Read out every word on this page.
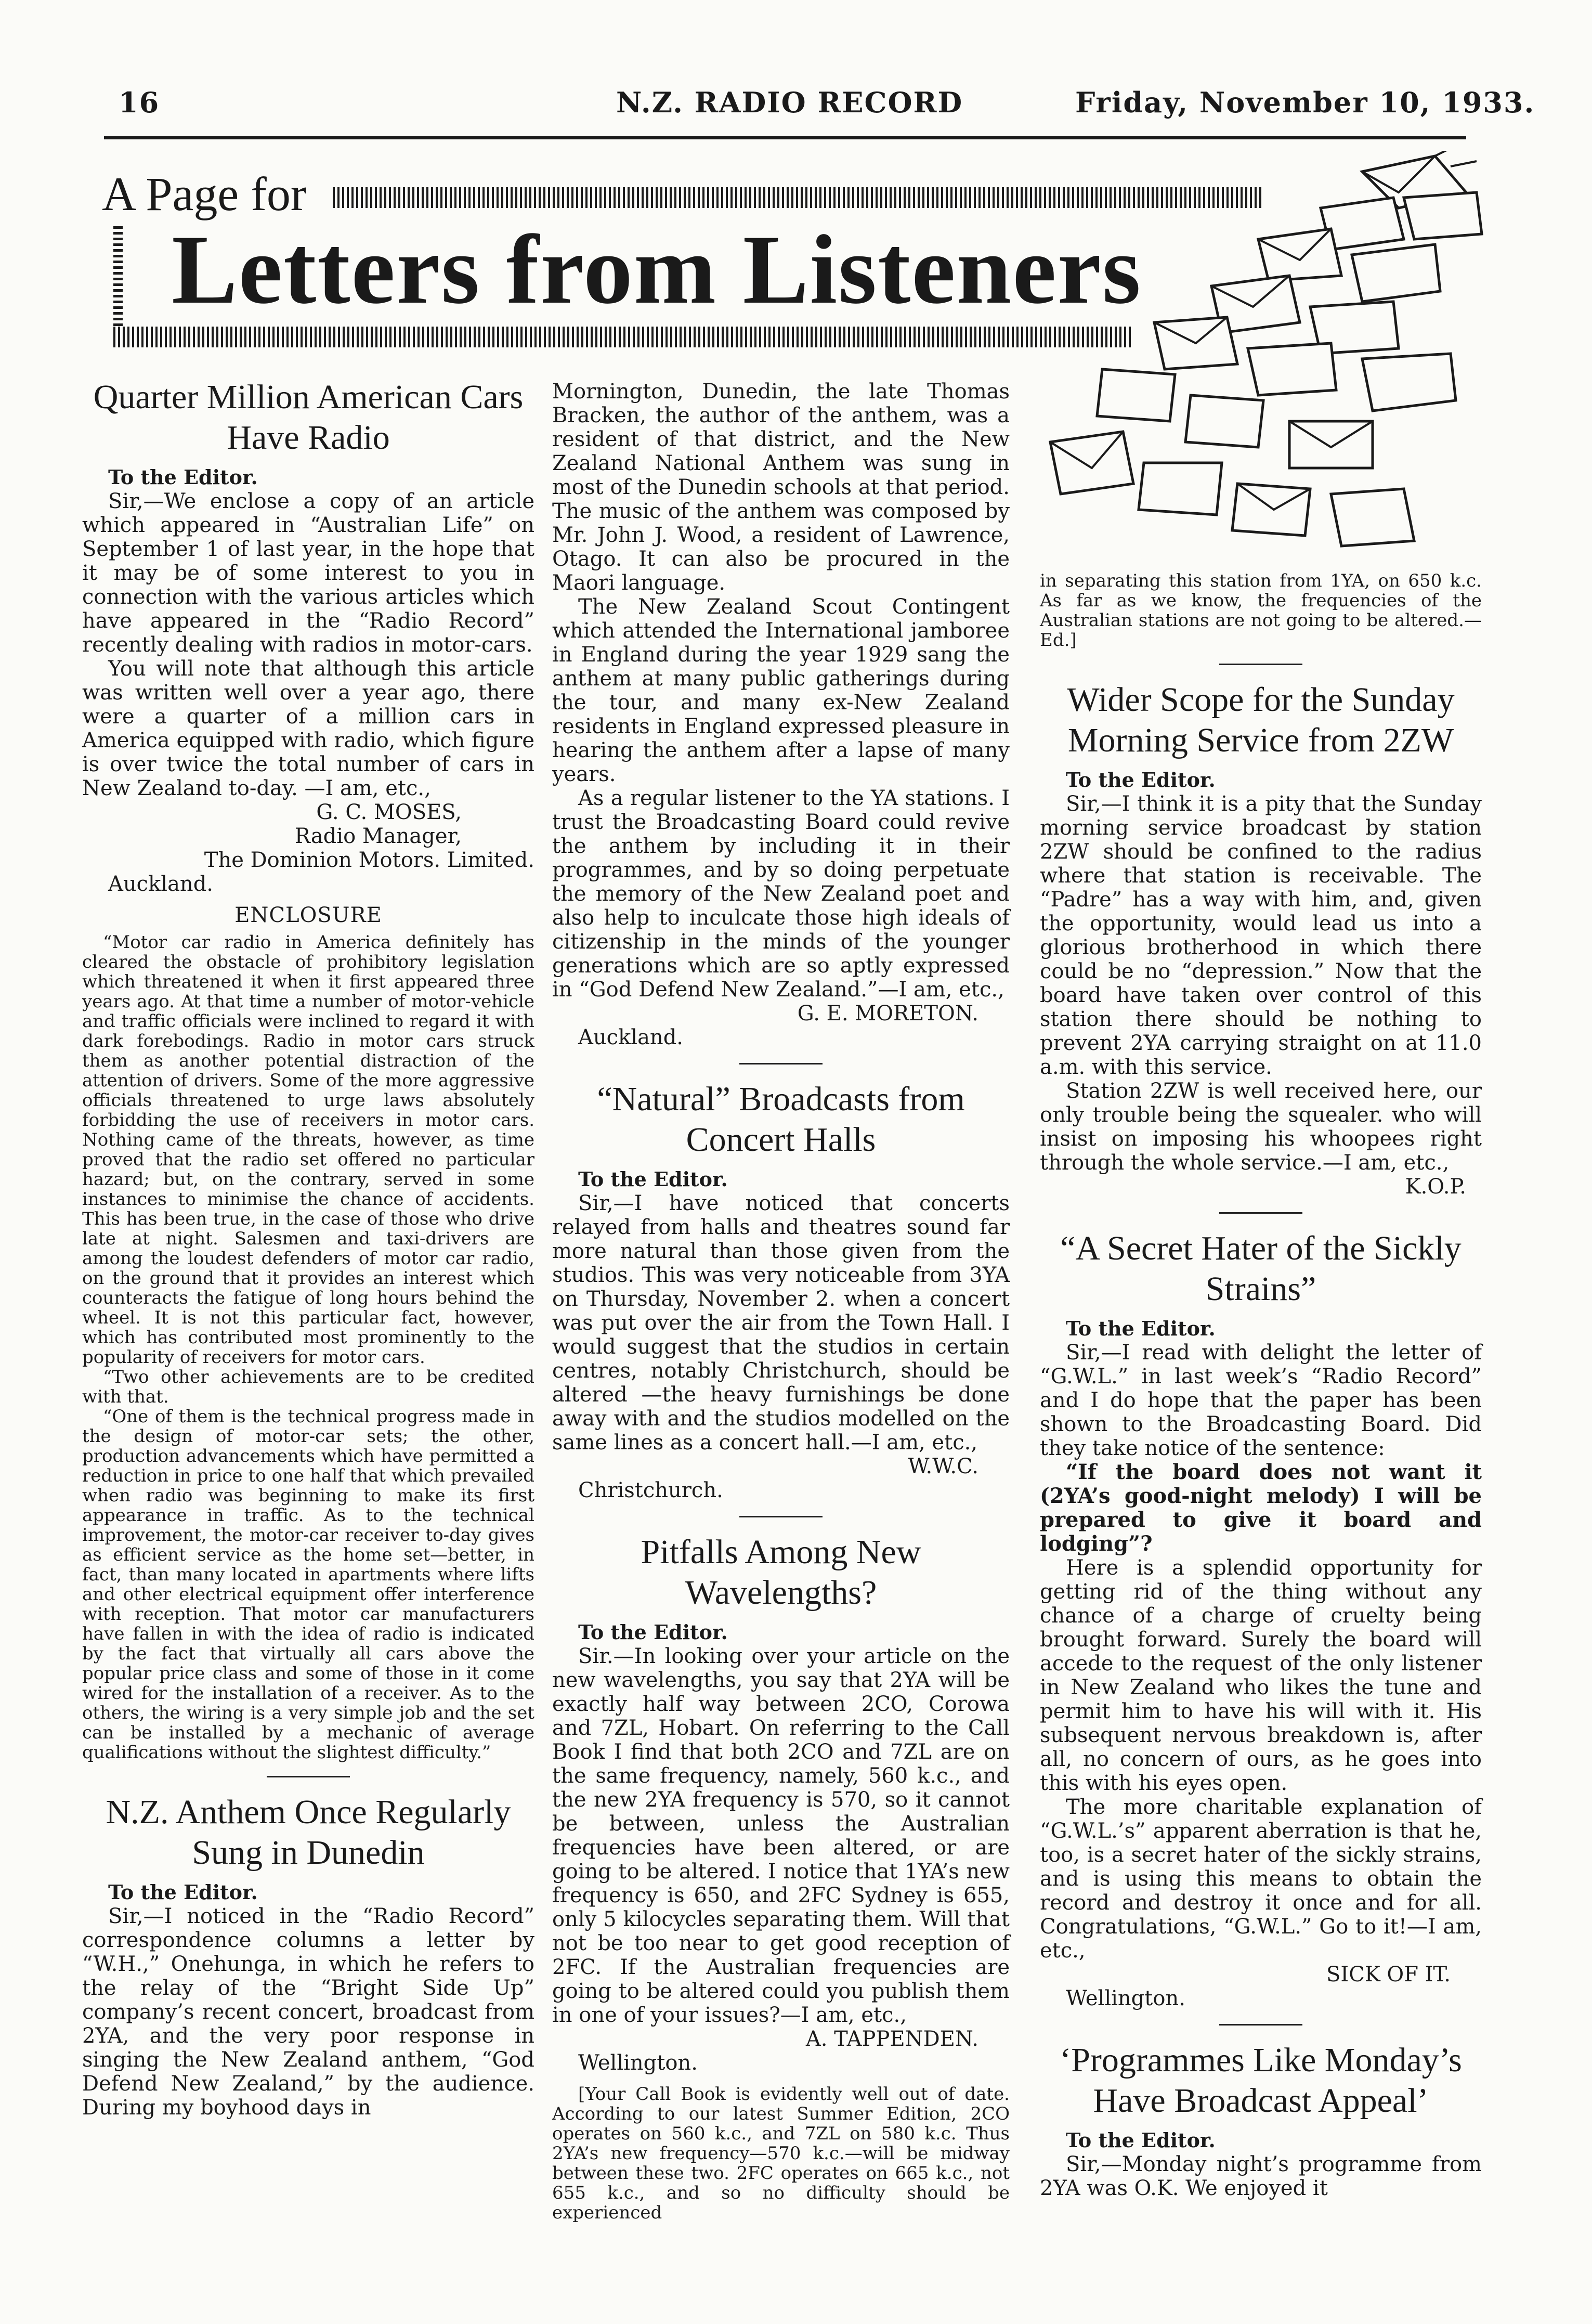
16	N.Z. RADIO RECORD	Friday, November 10, 1933.
A Page for
Letters from Listeners
Quarter Million American Cars Have Radio

To the Editor.

Sir,—We enclose a copy of an article which appeared in “Australian Life” on September 1 of last year, in the hope that it may be of some interest to you in connection with the various articles which have appeared in the “Radio Record” recently dealing with radios in motor-cars.

You will note that although this article was written well over a year ago, there were a quarter of a million cars in America equipped with radio, which figure is over twice the total number of cars in New Zealand to-day. —I am, etc.,

G. C. MOSES,

Radio Manager,

The Dominion Motors. Limited.

Auckland.

ENCLOSURE

“Motor car radio in America definitely has cleared the obstacle of prohibitory legislation which threatened it when it first appeared three years ago. At that time a number of motor-vehicle and traffic officials were inclined to regard it with dark forebodings. Radio in motor cars struck them as another potential distraction of the attention of drivers. Some of the more aggressive officials threatened to urge laws absolutely forbidding the use of receivers in motor cars. Nothing came of the threats, however, as time proved that the radio set offered no particular hazard; but, on the contrary, served in some instances to minimise the chance of accidents. This has been true, in the case of those who drive late at night. Salesmen and taxi-drivers are among the loudest defenders of motor car radio, on the ground that it provides an interest which counteracts the fatigue of long hours behind the wheel. It is not this particular fact, however, which has contributed most prominently to the popularity of receivers for motor cars.

“Two other achievements are to be credited with that.

“One of them is the technical progress made in the design of motor-car sets; the other, production advancements which have permitted a reduction in price to one half that which prevailed when radio was beginning to make its first appearance in traffic. As to the technical improvement, the motor-car receiver to-day gives as efficient service as the home set—better, in fact, than many located in apartments where lifts and other electrical equipment offer interference with reception. That motor car manufacturers have fallen in with the idea of radio is indicated by the fact that virtually all cars above the popular price class and some of those in it come wired for the installation of a receiver. As to the others, the wiring is a very simple job and the set can be installed by a mechanic of average qualifications without the slightest difficulty.”

N.Z. Anthem Once Regularly Sung in Dunedin

To the Editor.

Sir,—I noticed in the “Radio Record” correspondence columns a letter by “W.H.,” Onehunga, in which he refers to the relay of the “Bright Side Up” company’s recent concert, broadcast from 2YA, and the very poor response in singing the New Zealand anthem, “God Defend New Zealand,” by the audience. During my boyhood days in

Mornington, Dunedin, the late Thomas Bracken, the author of the anthem, was a resident of that district, and the New Zealand National Anthem was sung in most of the Dunedin schools at that period. The music of the anthem was composed by Mr. John J. Wood, a resident of Lawrence, Otago. It can also be procured in the Maori language.

The New Zealand Scout Contingent which attended the International jamboree in England during the year 1929 sang the anthem at many public gatherings during the tour, and many ex-New Zealand residents in England expressed pleasure in hearing the anthem after a lapse of many years.

As a regular listener to the YA stations. I trust the Broadcasting Board could revive the anthem by including it in their programmes, and by so doing perpetuate the memory of the New Zealand poet and also help to inculcate those high ideals of citizenship in the minds of the younger generations which are so aptly expressed in “God Defend New Zealand.”—I am, etc.,

G. E. MORETON.

Auckland.

“Natural” Broadcasts from Concert Halls

To the Editor.

Sir,—I have noticed that concerts relayed from halls and theatres sound far more natural than those given from the studios. This was very noticeable from 3YA on Thursday, November 2. when a concert was put over the air from the Town Hall. I would suggest that the studios in certain centres, notably Christchurch, should be altered —the heavy furnishings be done away with and the studios modelled on the same lines as a concert hall.—I am, etc.,

W.W.C.

Christchurch.

Pitfalls Among New Wavelengths?

To the Editor.

Sir.—In looking over your article on the new wavelengths, you say that 2YA will be exactly half way between 2CO, Corowa and 7ZL, Hobart. On referring to the Call Book I find that both 2CO and 7ZL are on the same frequency, namely, 560 k.c., and the new 2YA frequency is 570, so it cannot be between, unless the Australian frequencies have been altered, or are going to be altered. I notice that 1YA’s new frequency is 650, and 2FC Sydney is 655, only 5 kilocycles separating them. Will that not be too near to get good reception of 2FC. If the Australian frequencies are going to be altered could you publish them in one of your issues?—I am, etc.,

A. TAPPENDEN.

Wellington.

[Your Call Book is evidently well out of date. According to our latest Summer Edition, 2CO operates on 560 k.c., and 7ZL on 580 k.c. Thus 2YA’s new frequency—570 k.c.—will be midway between these two. 2FC operates on 665 k.c., not 655 k.c., and so no difficulty should be experienced

in separating this station from 1YA, on 650 k.c. As far as we know, the frequencies of the Australian stations are not going to be altered.—Ed.]

Wider Scope for the Sunday Morning Service from 2ZW

To the Editor.

Sir,—I think it is a pity that the Sunday morning service broadcast by station 2ZW should be confined to the radius where that station is receivable. The “Padre” has a way with him, and, given the opportunity, would lead us into a glorious brotherhood in which there could be no “depression.” Now that the board have taken over control of this station there should be nothing to prevent 2YA carrying straight on at 11.0 a.m. with this service.

Station 2ZW is well received here, our only trouble being the squealer. who will insist on imposing his whoopees right through the whole service.—I am, etc.,

K.O.P.

“A Secret Hater of the Sickly Strains”

To the Editor.

Sir,—I read with delight the letter of “G.W.L.” in last week’s “Radio Record” and I do hope that the paper has been shown to the Broadcasting Board. Did they take notice of the sentence:

“If the board does not want it (2YA’s good-night melody) I will be prepared to give it board and lodging”?

Here is a splendid opportunity for getting rid of the thing without any chance of a charge of cruelty being brought forward. Surely the board will accede to the request of the only listener in New Zealand who likes the tune and permit him to have his will with it. His subsequent nervous breakdown is, after all, no concern of ours, as he goes into this with his eyes open.

The more charitable explanation of “G.W.L.’s” apparent aberration is that he, too, is a secret hater of the sickly strains, and is using this means to obtain the record and destroy it once and for all. Congratulations, “G.W.L.” Go to it!—I am, etc.,

SICK OF IT.

Wellington.

‘Programmes Like Monday’s Have Broadcast Appeal’

To the Editor.

Sir,—Monday night’s programme from 2YA was O.K. We enjoyed it
